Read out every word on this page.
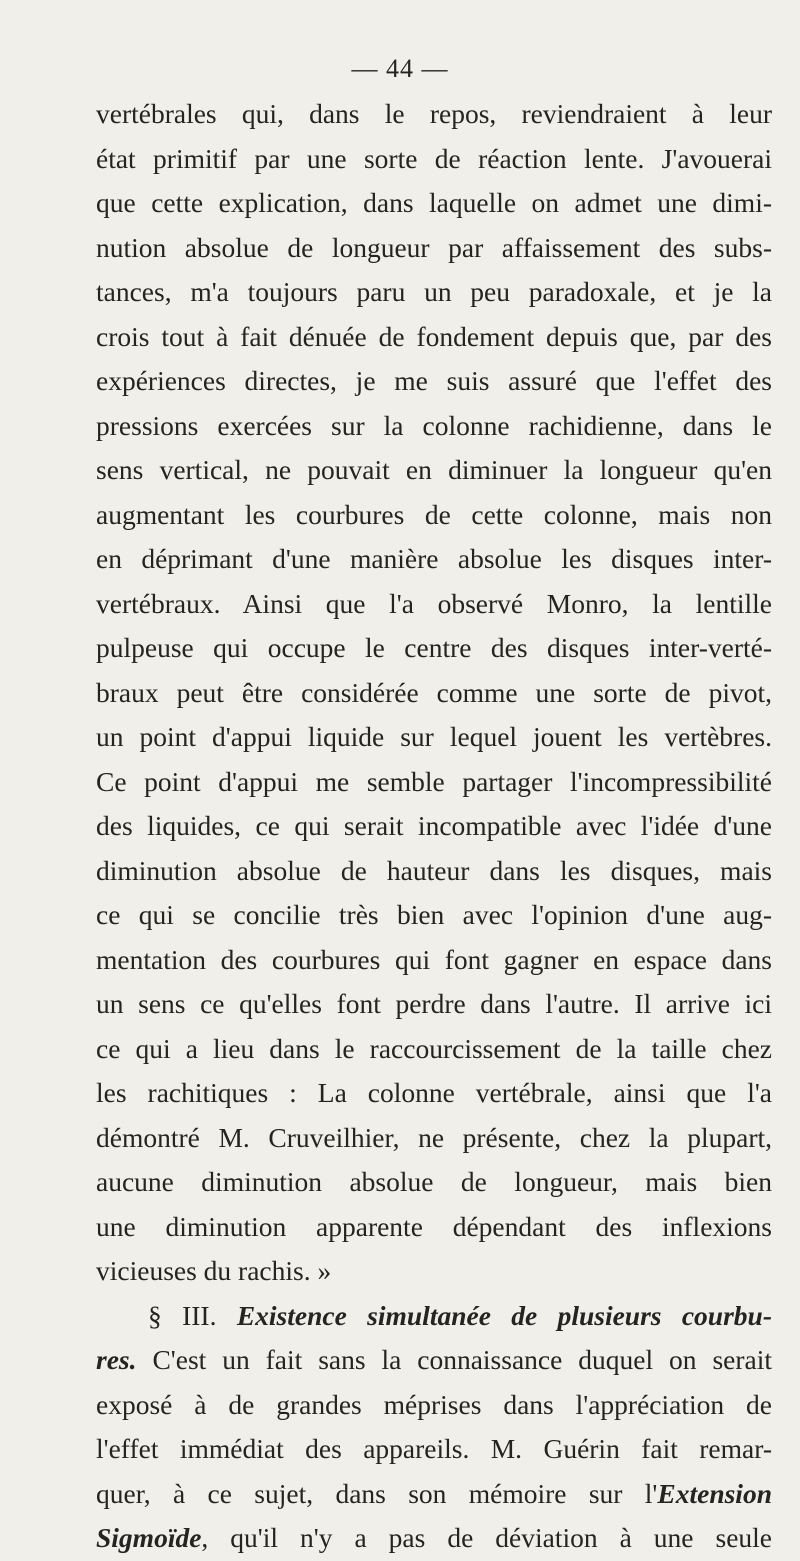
— 44 —
vertébrales qui, dans le repos, reviendraient à leur
état primitif par une sorte de réaction lente. J'avouerai
que cette explication, dans laquelle on admet une dimi-
nution absolue de longueur par affaissement des subs-
tances, m'a toujours paru un peu paradoxale, et je la
crois tout à fait dénuée de fondement depuis que, par des
expériences directes, je me suis assuré que l'effet des
pressions exercées sur la colonne rachidienne, dans le
sens vertical, ne pouvait en diminuer la longueur qu'en
augmentant les courbures de cette colonne, mais non
en déprimant d'une manière absolue les disques inter-
vertébraux. Ainsi que l'a observé Monro, la lentille
pulpeuse qui occupe le centre des disques inter-verté-
braux peut être considérée comme une sorte de pivot,
un point d'appui liquide sur lequel jouent les vertèbres.
Ce point d'appui me semble partager l'incompressibilité
des liquides, ce qui serait incompatible avec l'idée d'une
diminution absolue de hauteur dans les disques, mais
ce qui se concilie très bien avec l'opinion d'une aug-
mentation des courbures qui font gagner en espace dans
un sens ce qu'elles font perdre dans l'autre. Il arrive ici
ce qui a lieu dans le raccourcissement de la taille chez
les rachitiques : La colonne vertébrale, ainsi que l'a
démontré M. Cruveilhier, ne présente, chez la plupart,
aucune diminution absolue de longueur, mais bien
une diminution apparente dépendant des inflexions
vicieuses du rachis. »
§ III. Existence simultanée de plusieurs courbu-
res. C'est un fait sans la connaissance duquel on serait
exposé à de grandes méprises dans l'appréciation de
l'effet immédiat des appareils. M. Guérin fait remar-
quer, à ce sujet, dans son mémoire sur l'Extension
Sigmoïde, qu'il n'y a pas de déviation à une seule
